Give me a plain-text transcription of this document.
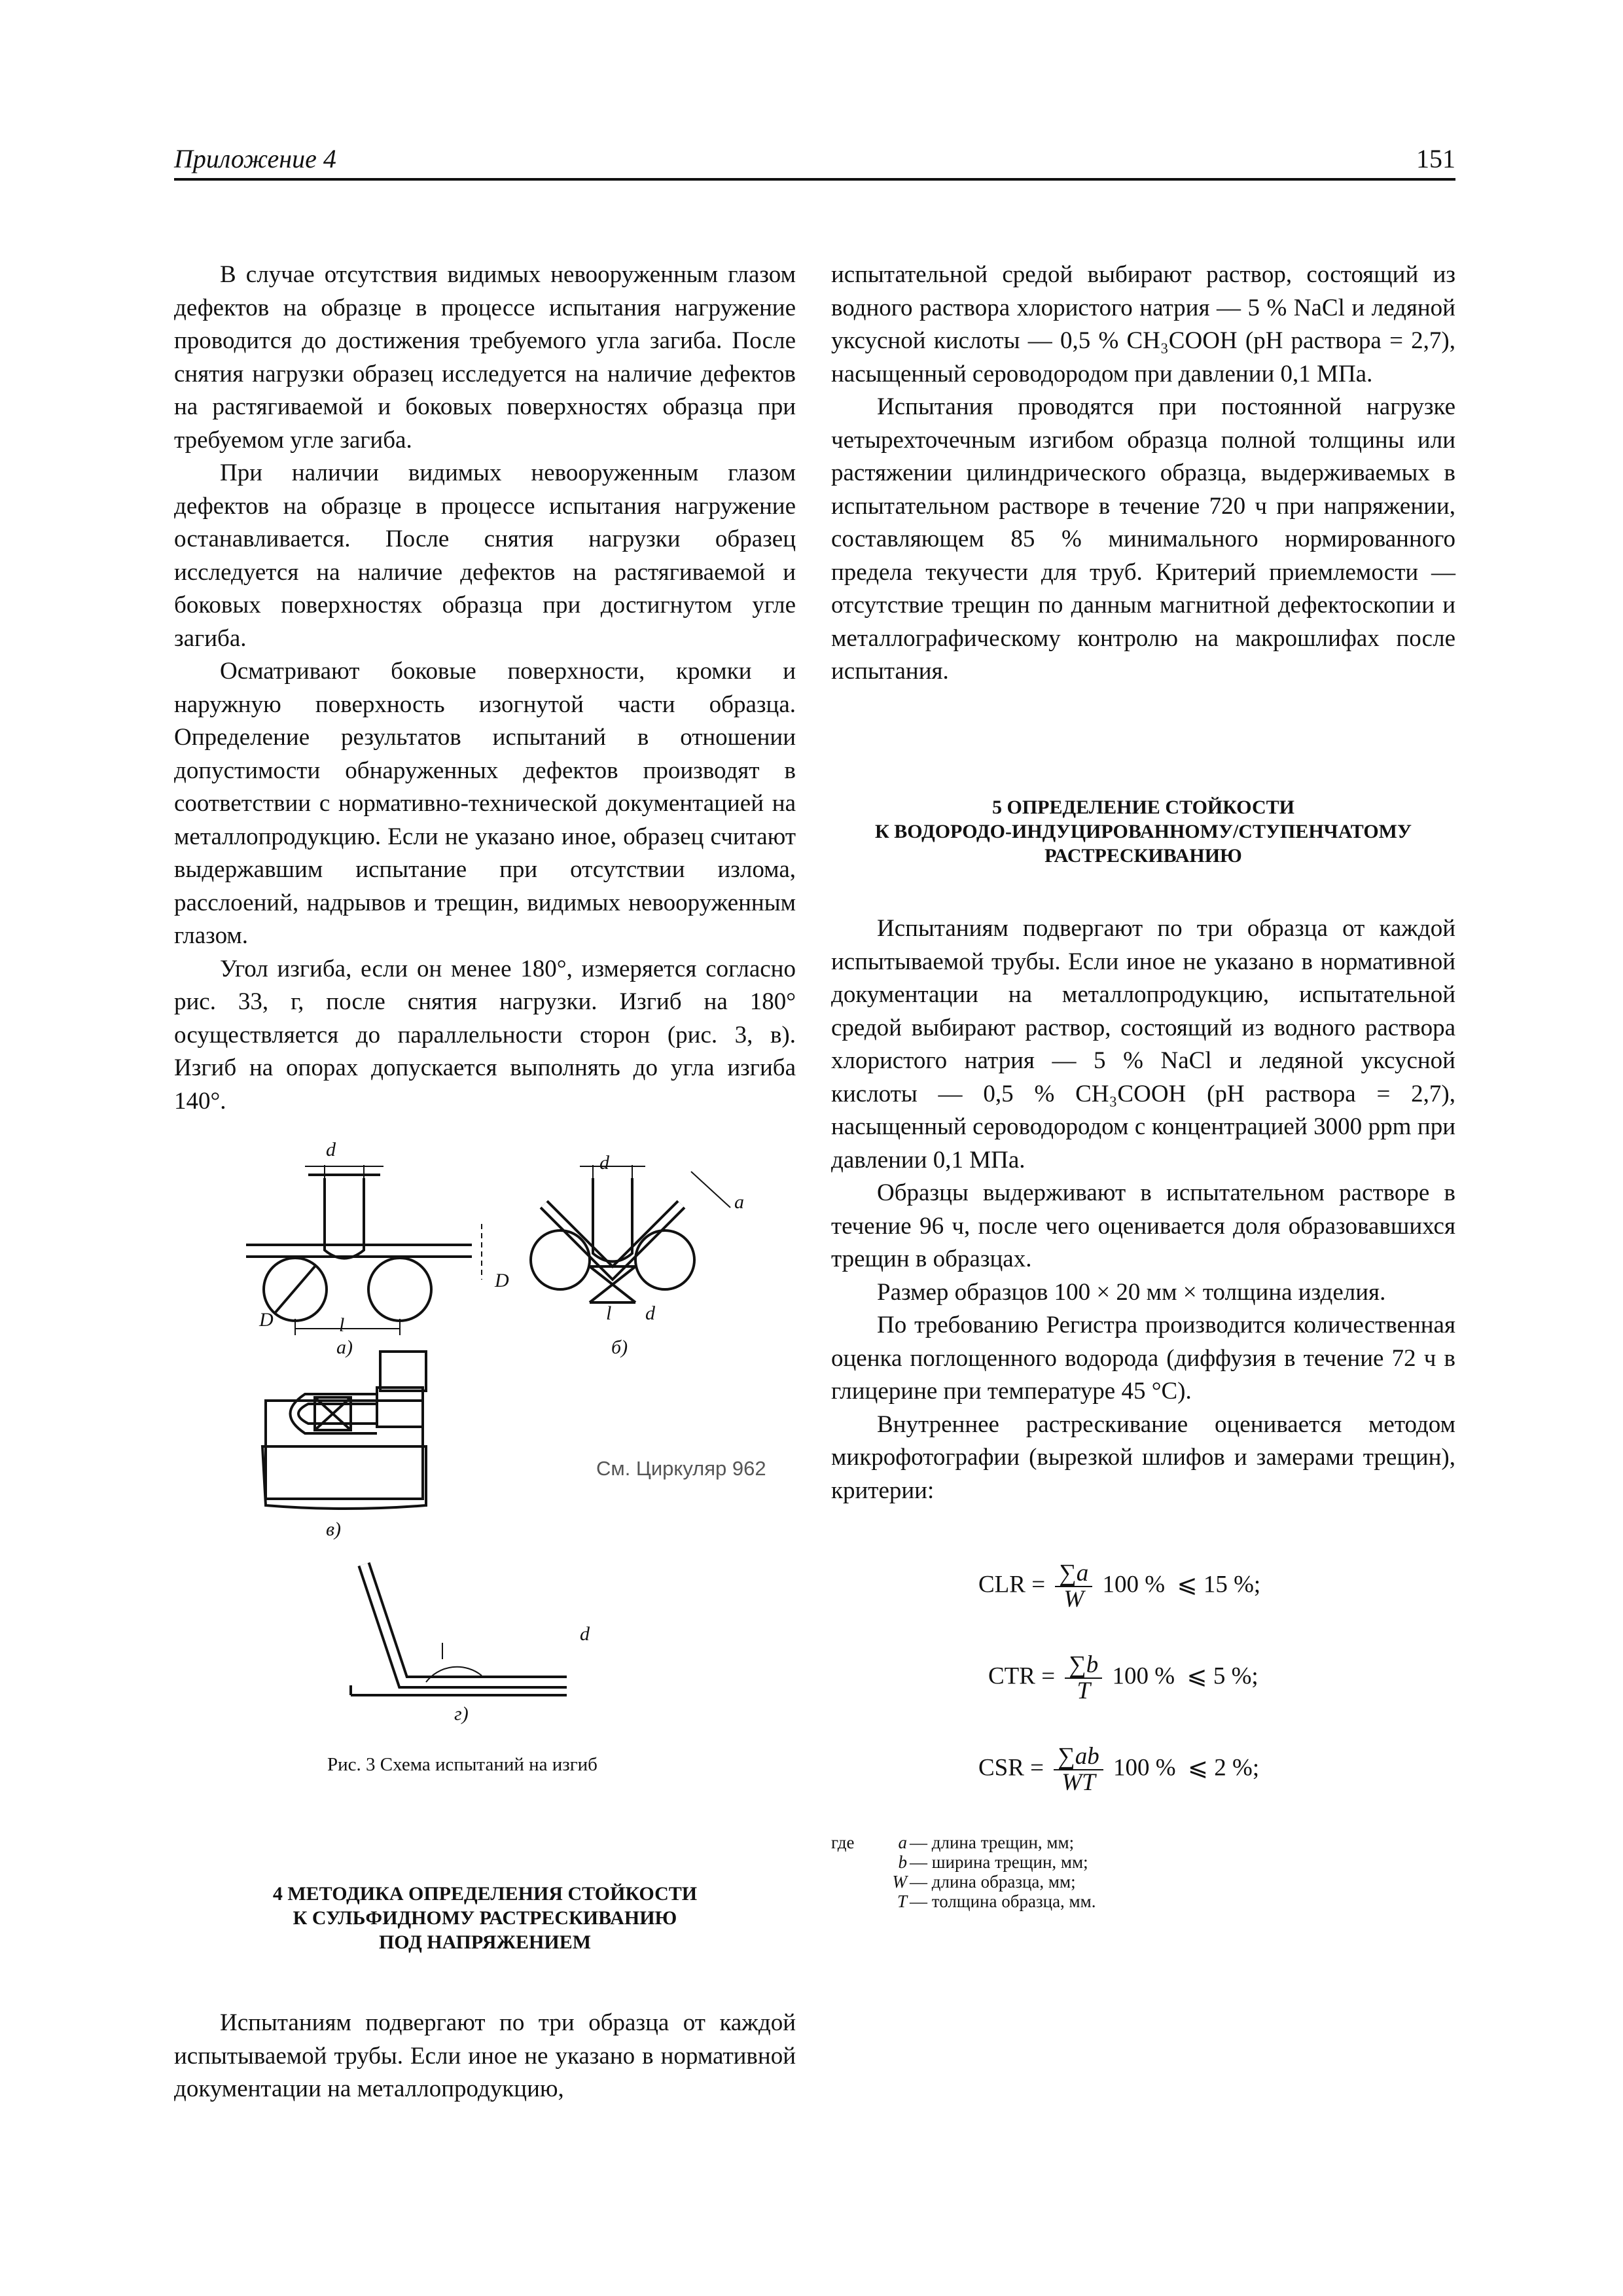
Приложение 4	151

В случае отсутствия видимых невооруженным глазом дефектов на образце в процессе испытания нагружение проводится до достижения требуемого угла загиба. После снятия нагрузки образец исследуется на наличие дефектов на растягиваемой и боковых поверхностях образца при требуемом угле загиба.

При наличии видимых невооруженным глазом дефектов на образце в процессе испытания нагружение останавливается. После снятия нагрузки образец исследуется на наличие дефектов на растягиваемой и боковых поверхностях образца при достигнутом угле загиба.

Осматривают боковые поверхности, кромки и наружную поверхность изогнутой части образца. Определение результатов испытаний в отношении допустимости обнаруженных дефектов производят в соответствии с нормативно-технической документацией на металлопродукцию. Если не указано иное, образец считают выдержавшим испытание при отсутствии излома, расслоений, надрывов и трещин, видимых невооруженным глазом.

Угол изгиба, если он менее 180°, измеряется согласно рис. 33, г, после снятия нагрузки. Изгиб на 180° осуществляется до параллельности сторон (рис. 3, в). Изгиб на опорах допускается выполнять до угла изгиба 140°.

d
l
D
а)
d
a
D
l d
б)
См. Циркуляр 962
в)
d
г)
Рис. 3 Схема испытаний на изгиб

4 МЕТОДИКА ОПРЕДЕЛЕНИЯ СТОЙКОСТИ

К СУЛЬФИДНОМУ РАСТРЕСКИВАНИЮ

ПОД НАПРЯЖЕНИЕМ

Испытаниям подвергают по три образца от каждой испытываемой трубы. Если иное не указано в нормативной документации на металлопродукцию,

испытательной средой выбирают раствор, состоящий из водного раствора хлористого натрия — 5 % NaCl и ледяной уксусной кислоты — 0,5 % CH₃COOH (pH раствора = 2,7), насыщенный сероводородом при давлении 0,1 МПа.

Испытания проводятся при постоянной нагрузке четырехточечным изгибом образца полной толщины или растяжении цилиндрического образца, выдерживаемых в испытательном растворе в течение 720 ч при напряжении, составляющем 85 % минимального нормированного предела текучести для труб. Критерий приемлемости — отсутствие трещин по данным магнитной дефектоскопии и металлографическому контролю на макрошлифах после испытания.

5 ОПРЕДЕЛЕНИЕ СТОЙКОСТИ

К ВОДОРОДО-ИНДУЦИРОВАННОМУ/СТУПЕНЧАТОМУ

РАСТРЕСКИВАНИЮ

Испытаниям подвергают по три образца от каждой испытываемой трубы. Если иное не указано в нормативной документации на металлопродукцию, испытательной средой выбирают раствор, состоящий из водного раствора хлористого натрия — 5 % NaCl и ледяной уксусной кислоты — 0,5 % CH₃COOH (pH раствора = 2,7), насыщенный сероводородом с концентрацией 3000 ppm при давлении 0,1 МПа.

Образцы выдерживают в испытательном растворе в течение 96 ч, после чего оценивается доля образовавшихся трещин в образцах.

Размер образцов 100 × 20 мм × толщина изделия.

По требованию Регистра производится количественная оценка поглощенного водорода (диффузия в течение 72 ч в глицерине при температуре 45 °C).

Внутреннее растрескивание оценивается методом микрофотографии (вырезкой шлифов и замерами трещин), критерии:

CLR = $\frac{\sum a}{W} 100$ % ⩽ 15 %;
CTR = $\frac{\sum b}{T} 100$ % ⩽ 5 %;
CSR = $\frac{\sum ab}{WT} 100$ % ⩽ 2 %;
где	a — длина трещин, мм;
b — ширина трещин, мм;
W — длина образца, мм;
T — толщина образца, мм.
